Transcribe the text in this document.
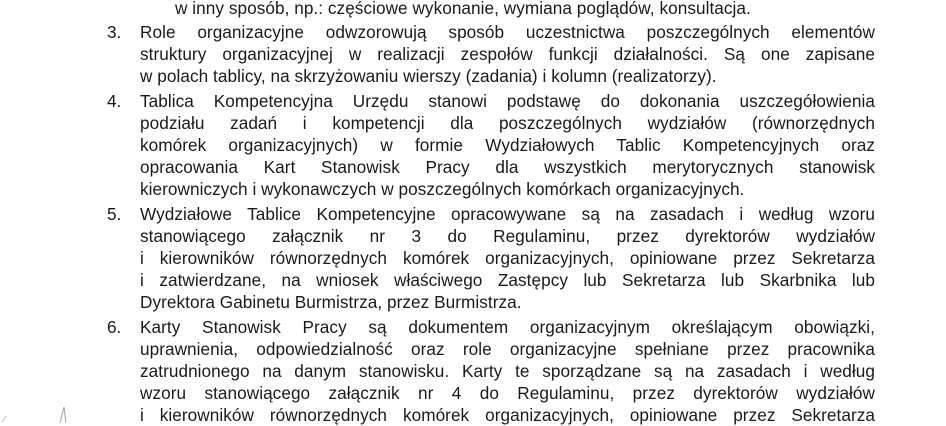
w inny sposób, np.: częściowe wykonanie, wymiana poglądów, konsultacja.
3. Role organizacyjne odwzorowują sposób uczestnictwa poszczególnych elementów
struktury organizacyjnej w realizacji zespołów funkcji działalności. Są one zapisane
w polach tablicy, na skrzyżowaniu wierszy (zadania) i kolumn (realizatorzy).
4. Tablica Kompetencyjna Urzędu stanowi podstawę do dokonania uszczegółowienia
podziału zadań i kompetencji dla poszczególnych wydziałów (równorzędnych
komórek organizacyjnych) w formie Wydziałowych Tablic Kompetencyjnych oraz
opracowania Kart Stanowisk Pracy dla wszystkich merytorycznych stanowisk
kierowniczych i wykonawczych w poszczególnych komórkach organizacyjnych.
5. Wydziałowe Tablice Kompetencyjne opracowywane są na zasadach i według wzoru
stanowiącego załącznik nr 3 do Regulaminu, przez dyrektorów wydziałów
i kierowników równorzędnych komórek organizacyjnych, opiniowane przez Sekretarza
i zatwierdzane, na wniosek właściwego Zastępcy lub Sekretarza lub Skarbnika lub
Dyrektora Gabinetu Burmistrza, przez Burmistrza.
6. Karty Stanowisk Pracy są dokumentem organizacyjnym określającym obowiązki,
uprawnienia, odpowiedzialność oraz role organizacyjne spełniane przez pracownika
zatrudnionego na danym stanowisku. Karty te sporządzane są na zasadach i według
wzoru stanowiącego załącznik nr 4 do Regulaminu, przez dyrektorów wydziałów
i kierowników równorzędnych komórek organizacyjnych, opiniowane przez Sekretarza
